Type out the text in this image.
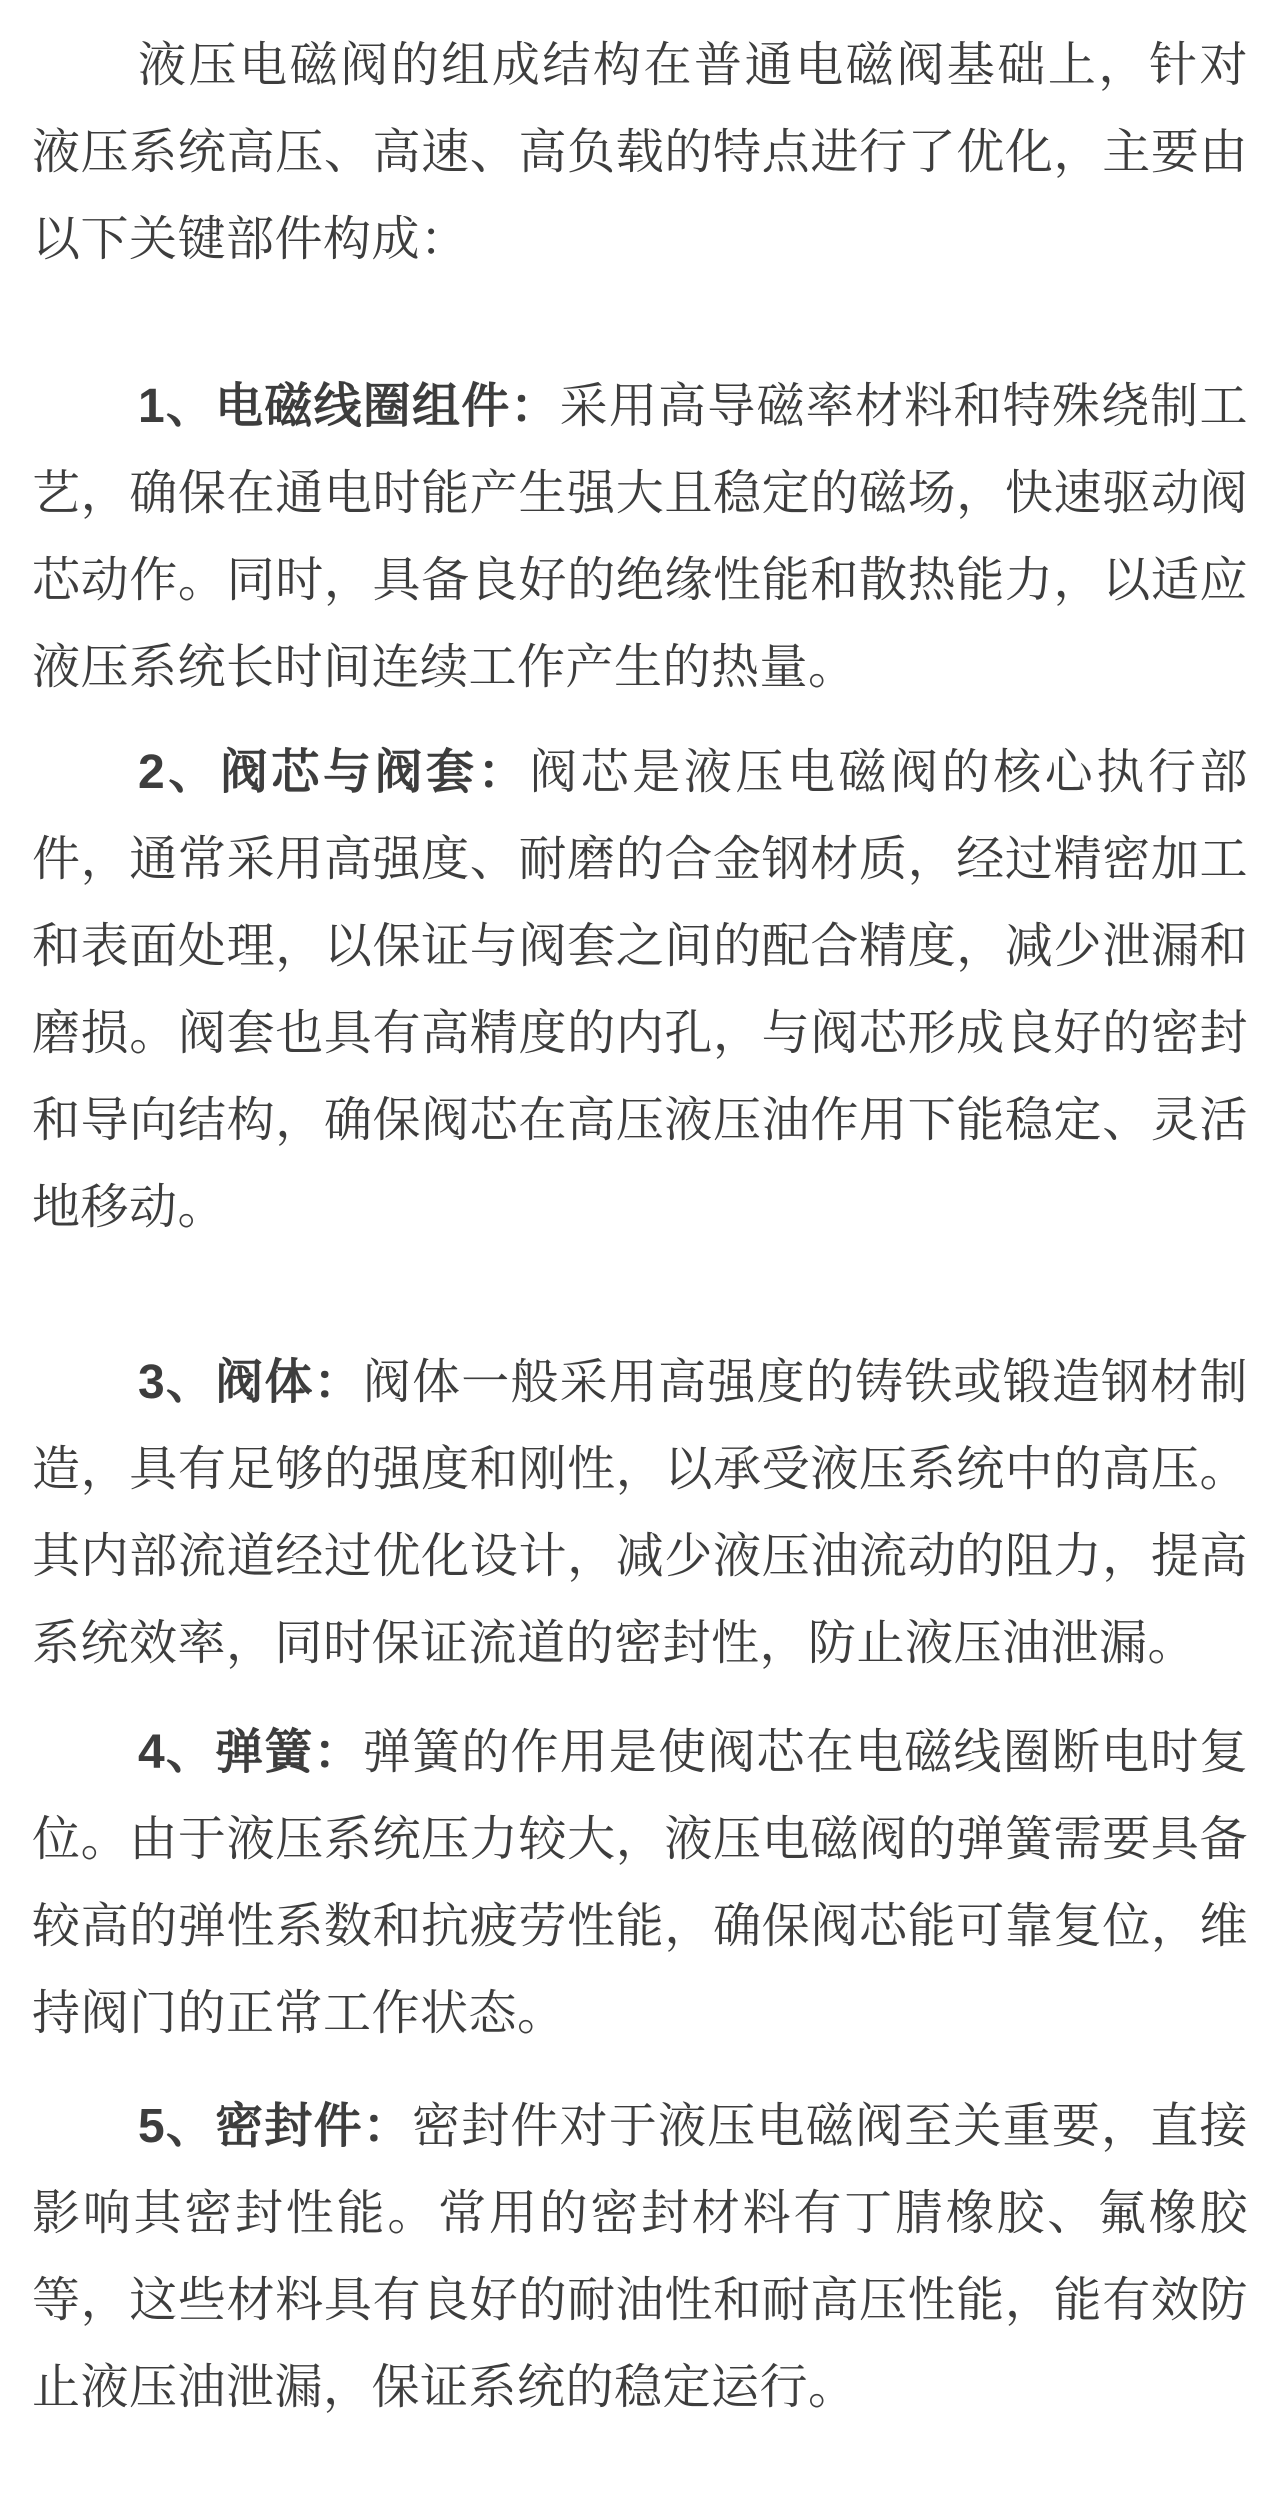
液压电磁阀的组成结构在普通电磁阀基础上，针对液压系统高压、高速、高负载的特点进行了优化，主要由以下关键部件构成：

1、电磁线圈组件：采用高导磁率材料和特殊绕制工艺，确保在通电时能产生强大且稳定的磁场，快速驱动阀芯动作。同时，具备良好的绝缘性能和散热能力，以适应液压系统长时间连续工作产生的热量。

2、阀芯与阀套：阀芯是液压电磁阀的核心执行部件，通常采用高强度、耐磨的合金钢材质，经过精密加工和表面处理，以保证与阀套之间的配合精度，减少泄漏和磨损。阀套也具有高精度的内孔，与阀芯形成良好的密封和导向结构，确保阀芯在高压液压油作用下能稳定、灵活地移动。

3、阀体：阀体一般采用高强度的铸铁或锻造钢材制造，具有足够的强度和刚性，以承受液压系统中的高压。其内部流道经过优化设计，减少液压油流动的阻力，提高系统效率，同时保证流道的密封性，防止液压油泄漏。

4、弹簧：弹簧的作用是使阀芯在电磁线圈断电时复位。由于液压系统压力较大，液压电磁阀的弹簧需要具备较高的弹性系数和抗疲劳性能，确保阀芯能可靠复位，维持阀门的正常工作状态。

5、密封件：密封件对于液压电磁阀至关重要，直接影响其密封性能。常用的密封材料有丁腈橡胶、氟橡胶等，这些材料具有良好的耐油性和耐高压性能，能有效防止液压油泄漏，保证系统的稳定运行。
